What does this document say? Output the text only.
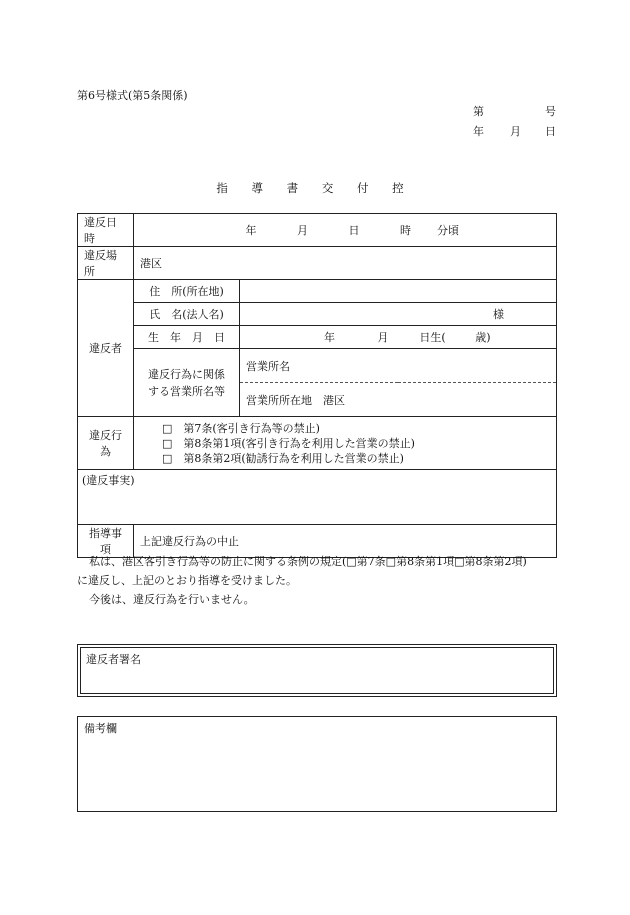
第6号様式(第5条関係)
第	号
年 月 日
指 導 書 交 付 控
違反日時	年 月 日 時 分頃	
違反場所	港区	
違反者	住　所(所在地)	
	氏　名(法人名)	様
	生　年　月　日	年 月 日生( 歳)

	違反行為に関係
する営業所名等	営業所名
		営業所所在地　港区
違反行為	□　第7条(客引き行為等の禁止)
□　第8条第1項(客引き行為を利用した営業の禁止)
□　第8条第2項(勧誘行為を利用した営業の禁止)	

(違反事実)		
指導事項	上記違反行為の中止	

私は、港区客引き行為等の防止に関する条例の規定(□第7条□第8条第1項□第8条第2項)

に違反し、上記のとおり指導を受けました。

今後は、違反行為を行いません。

違反者署名
備考欄
